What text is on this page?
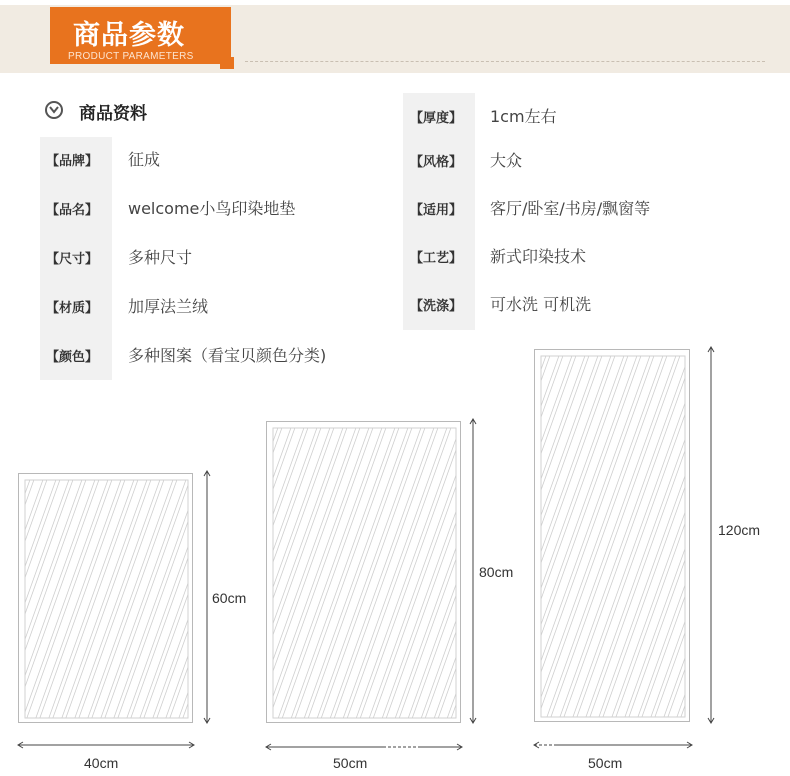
商品参数
PRODUCT PARAMETERS
商品资料
【品牌】 征成
【品名】 welcome小鸟印染地垫
【尺寸】 多种尺寸
【材质】 加厚法兰绒
【颜色】 多种图案（看宝贝颜色分类)
【厚度】 1cm左右
【风格】 大众
【适用】 客厅/卧室/书房/飘窗等
【工艺】 新式印染技术
【洗涤】 可水洗 可机洗
60cm
40cm
80cm
50cm
120cm
50cm
